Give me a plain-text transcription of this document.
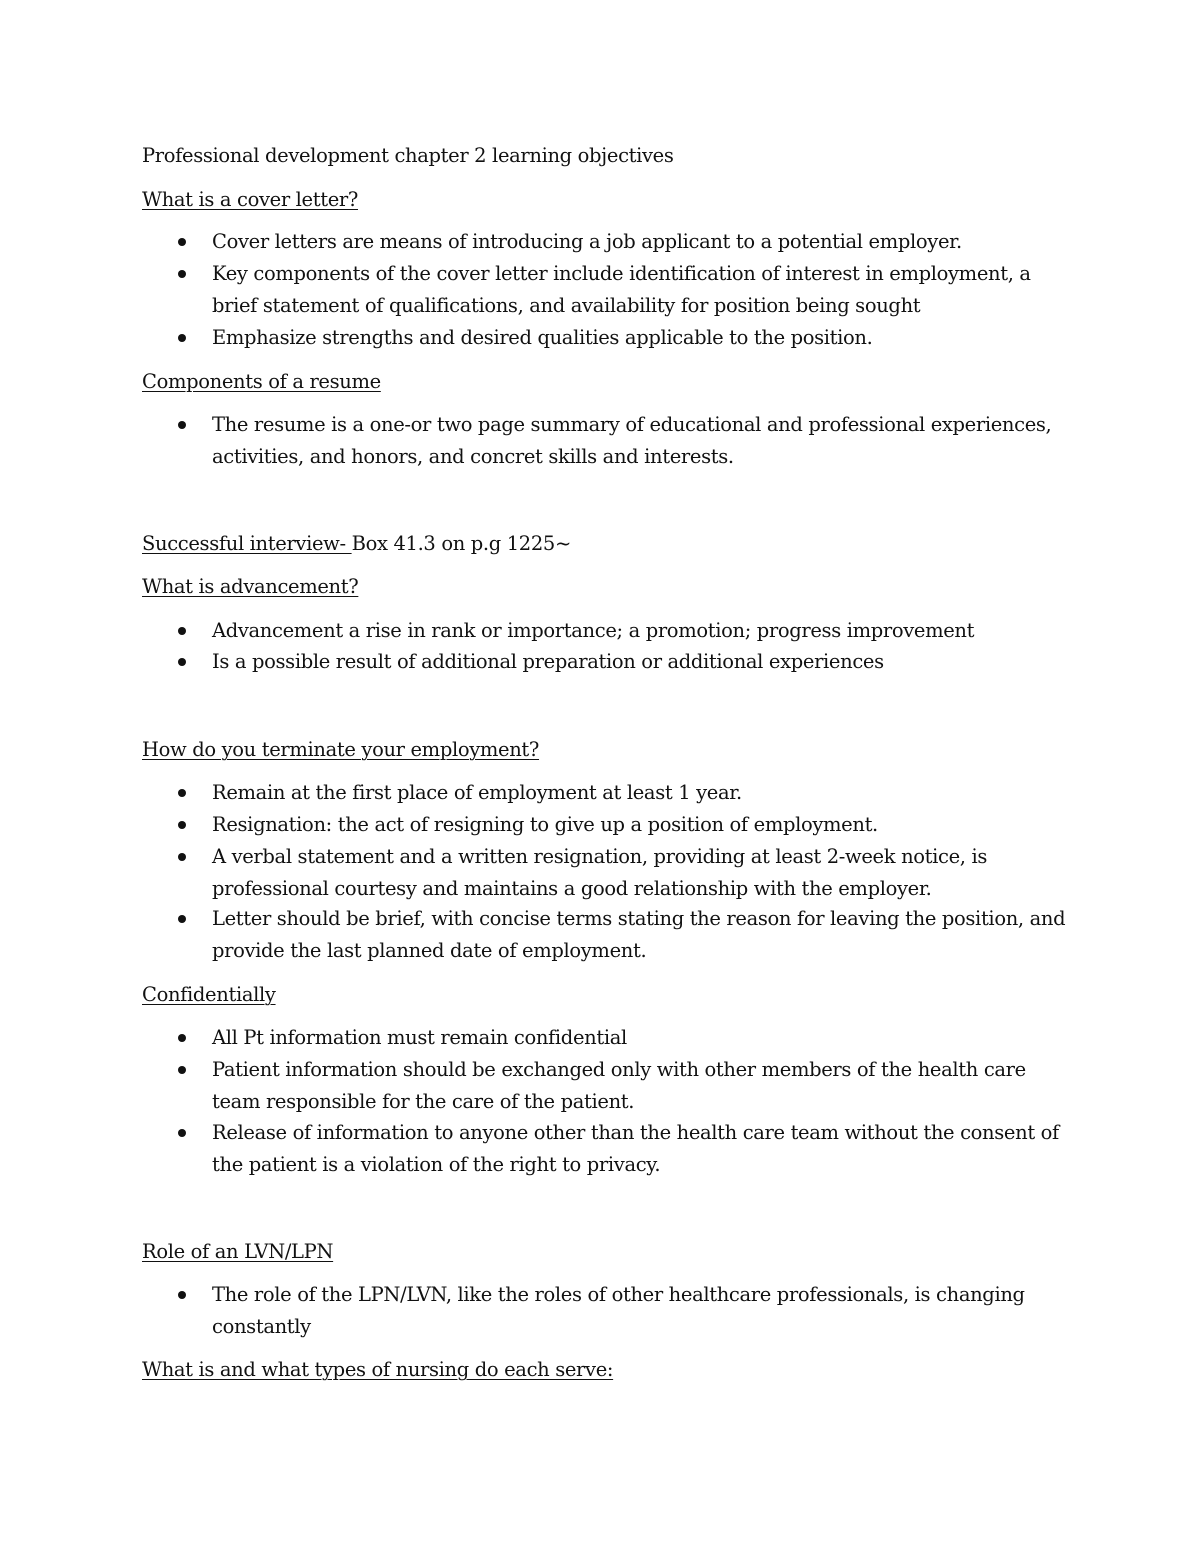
Professional development chapter 2 learning objectives
What is a cover letter?
Cover letters are means of introducing a job applicant to a potential employer.
Key components of the cover letter include identification of interest in employment, a brief statement of qualifications, and availability for position being sought
Emphasize strengths and desired qualities applicable to the position.
Components of a resume
The resume is a one-or two page summary of educational and professional experiences, activities, and honors, and concret skills and interests.
Successful interview- Box 41.3 on p.g 1225~
What is advancement?
Advancement a rise in rank or importance; a promotion; progress improvement
Is a possible result of additional preparation or additional experiences
How do you terminate your employment?
Remain at the first place of employment at least 1 year.
Resignation: the act of resigning to give up a position of employment.
A verbal statement and a written resignation, providing at least 2-week notice, is professional courtesy and maintains a good relationship with the employer.
Letter should be brief, with concise terms stating the reason for leaving the position, and provide the last planned date of employment.
Confidentially
All Pt information must remain confidential
Patient information should be exchanged only with other members of the health care team responsible for the care of the patient.
Release of information to anyone other than the health care team without the consent of the patient is a violation of the right to privacy.
Role of an LVN/LPN
The role of the LPN/LVN, like the roles of other healthcare professionals, is changing constantly
What is and what types of nursing do each serve:
